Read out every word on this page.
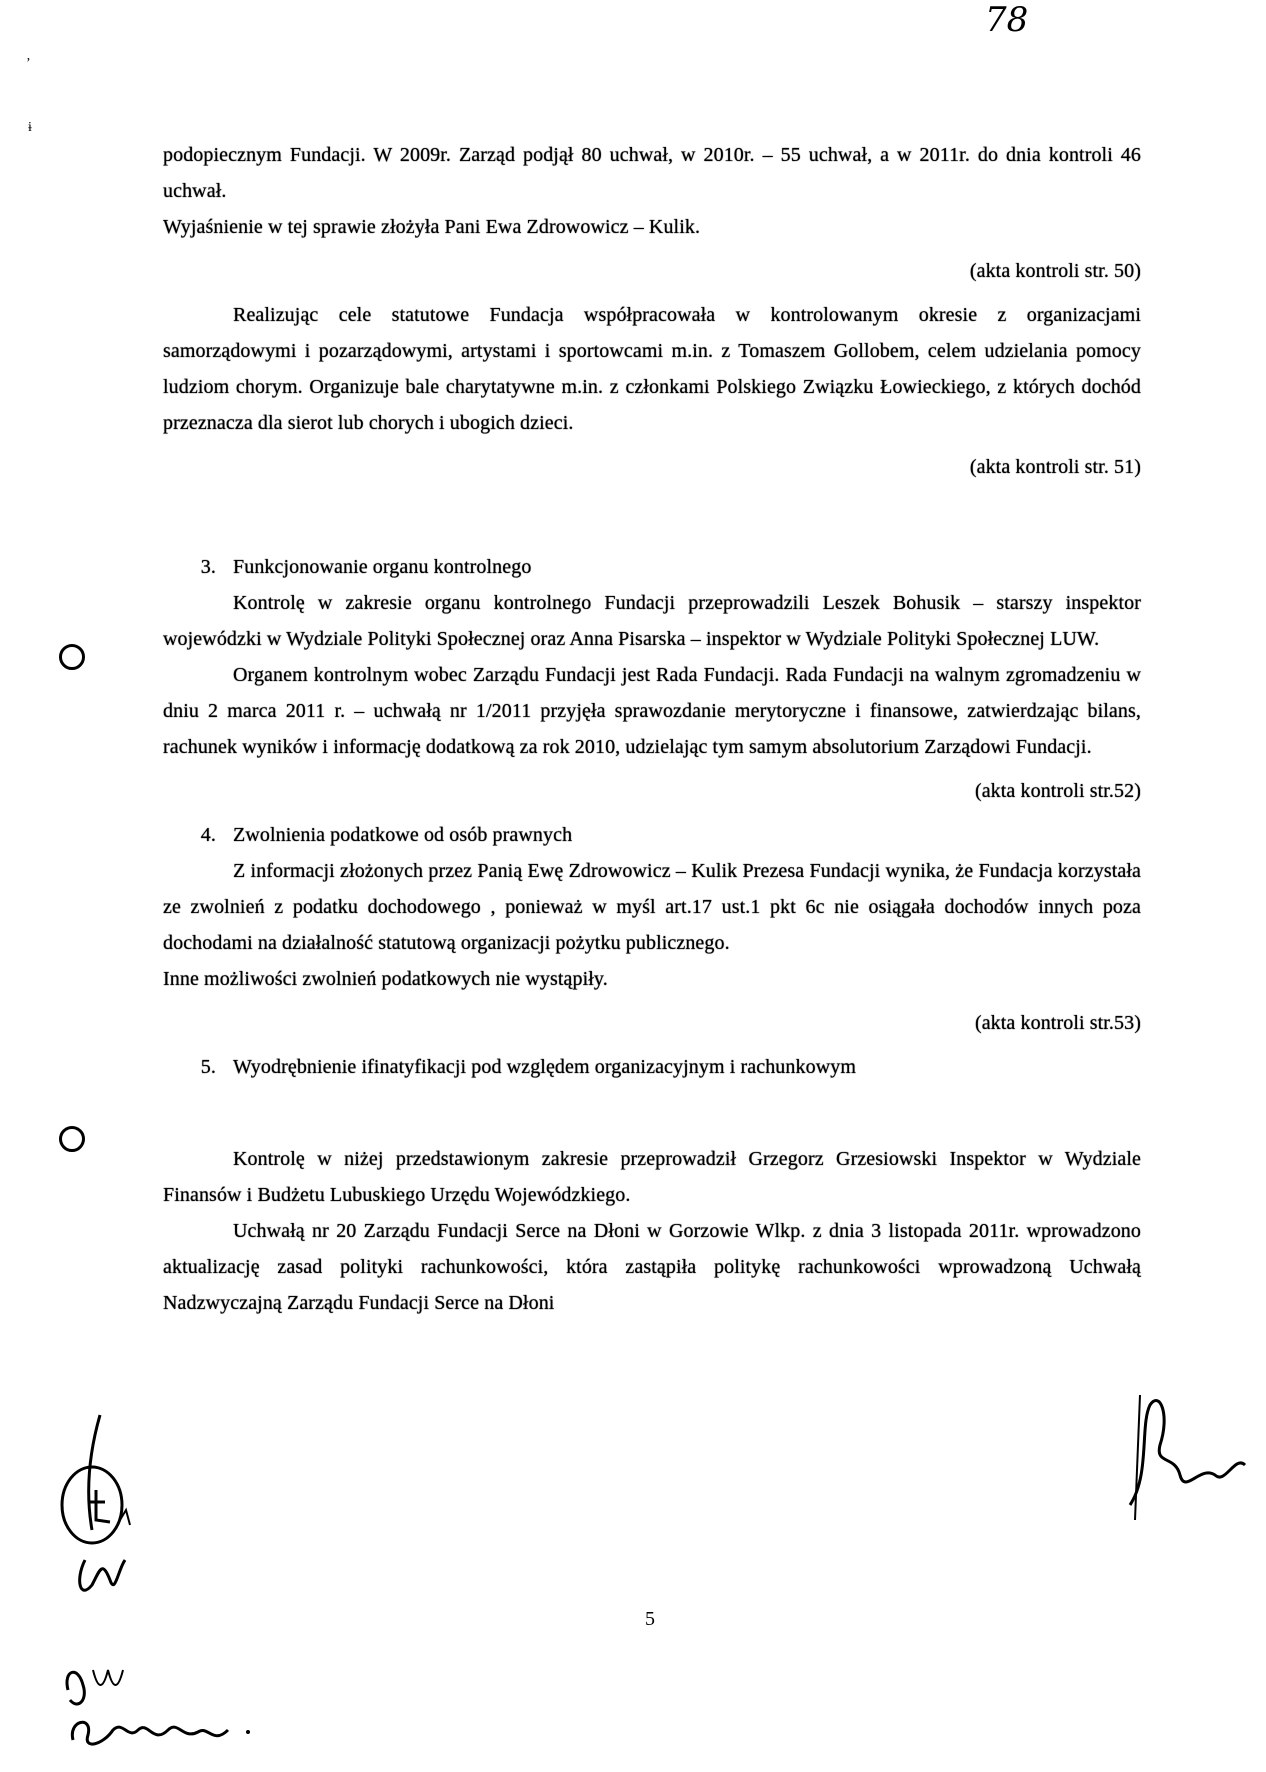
78
ʼ
ɨ

podopiecznym Fundacji. W 2009r. Zarząd podjął 80 uchwał, w 2010r. – 55 uchwał, a w 2011r. do dnia kontroli 46 uchwał.

Wyjaśnienie w tej sprawie złożyła Pani Ewa Zdrowowicz – Kulik.

(akta kontroli str. 50)

Realizując cele statutowe Fundacja współpracowała w kontrolowanym okresie z organizacjami samorządowymi i pozarządowymi, artystami i sportowcami m.in. z Tomaszem Gollobem, celem udzielania pomocy ludziom chorym. Organizuje bale charytatywne m.in. z członkami Polskiego Związku Łowieckiego, z których dochód przeznacza dla sierot lub chorych i ubogich dzieci.

(akta kontroli str. 51)

3. Funkcjonowanie organu kontrolnego

Kontrolę w zakresie organu kontrolnego Fundacji przeprowadzili Leszek Bohusik – starszy inspektor wojewódzki w Wydziale Polityki Społecznej oraz Anna Pisarska – inspektor w Wydziale Polityki Społecznej LUW.

Organem kontrolnym wobec Zarządu Fundacji jest Rada Fundacji. Rada Fundacji na walnym zgromadzeniu w dniu 2 marca 2011 r. – uchwałą nr 1/2011 przyjęła sprawozdanie merytoryczne i finansowe, zatwierdzając bilans, rachunek wyników i informację dodatkową za rok 2010, udzielając tym samym absolutorium Zarządowi Fundacji.

(akta kontroli str.52)

4. Zwolnienia podatkowe od osób prawnych

Z informacji złożonych przez Panią Ewę Zdrowowicz – Kulik Prezesa Fundacji wynika, że Fundacja korzystała ze zwolnień z podatku dochodowego , ponieważ w myśl art.17 ust.1 pkt 6c nie osiągała dochodów innych poza dochodami na działalność statutową organizacji pożytku publicznego.

Inne możliwości zwolnień podatkowych nie wystąpiły.

(akta kontroli str.53)

5. Wyodrębnienie ifinatyfikacji pod względem organizacyjnym i rachunkowym

Kontrolę w niżej przedstawionym zakresie przeprowadził Grzegorz Grzesiowski Inspektor w Wydziale Finansów i Budżetu Lubuskiego Urzędu Wojewódzkiego.

Uchwałą nr 20 Zarządu Fundacji Serce na Dłoni w Gorzowie Wlkp. z dnia 3 listopada 2011r. wprowadzono aktualizację zasad polityki rachunkowości, która zastąpiła politykę rachunkowości wprowadzoną Uchwałą Nadzwyczajną Zarządu Fundacji Serce na Dłoni

5
